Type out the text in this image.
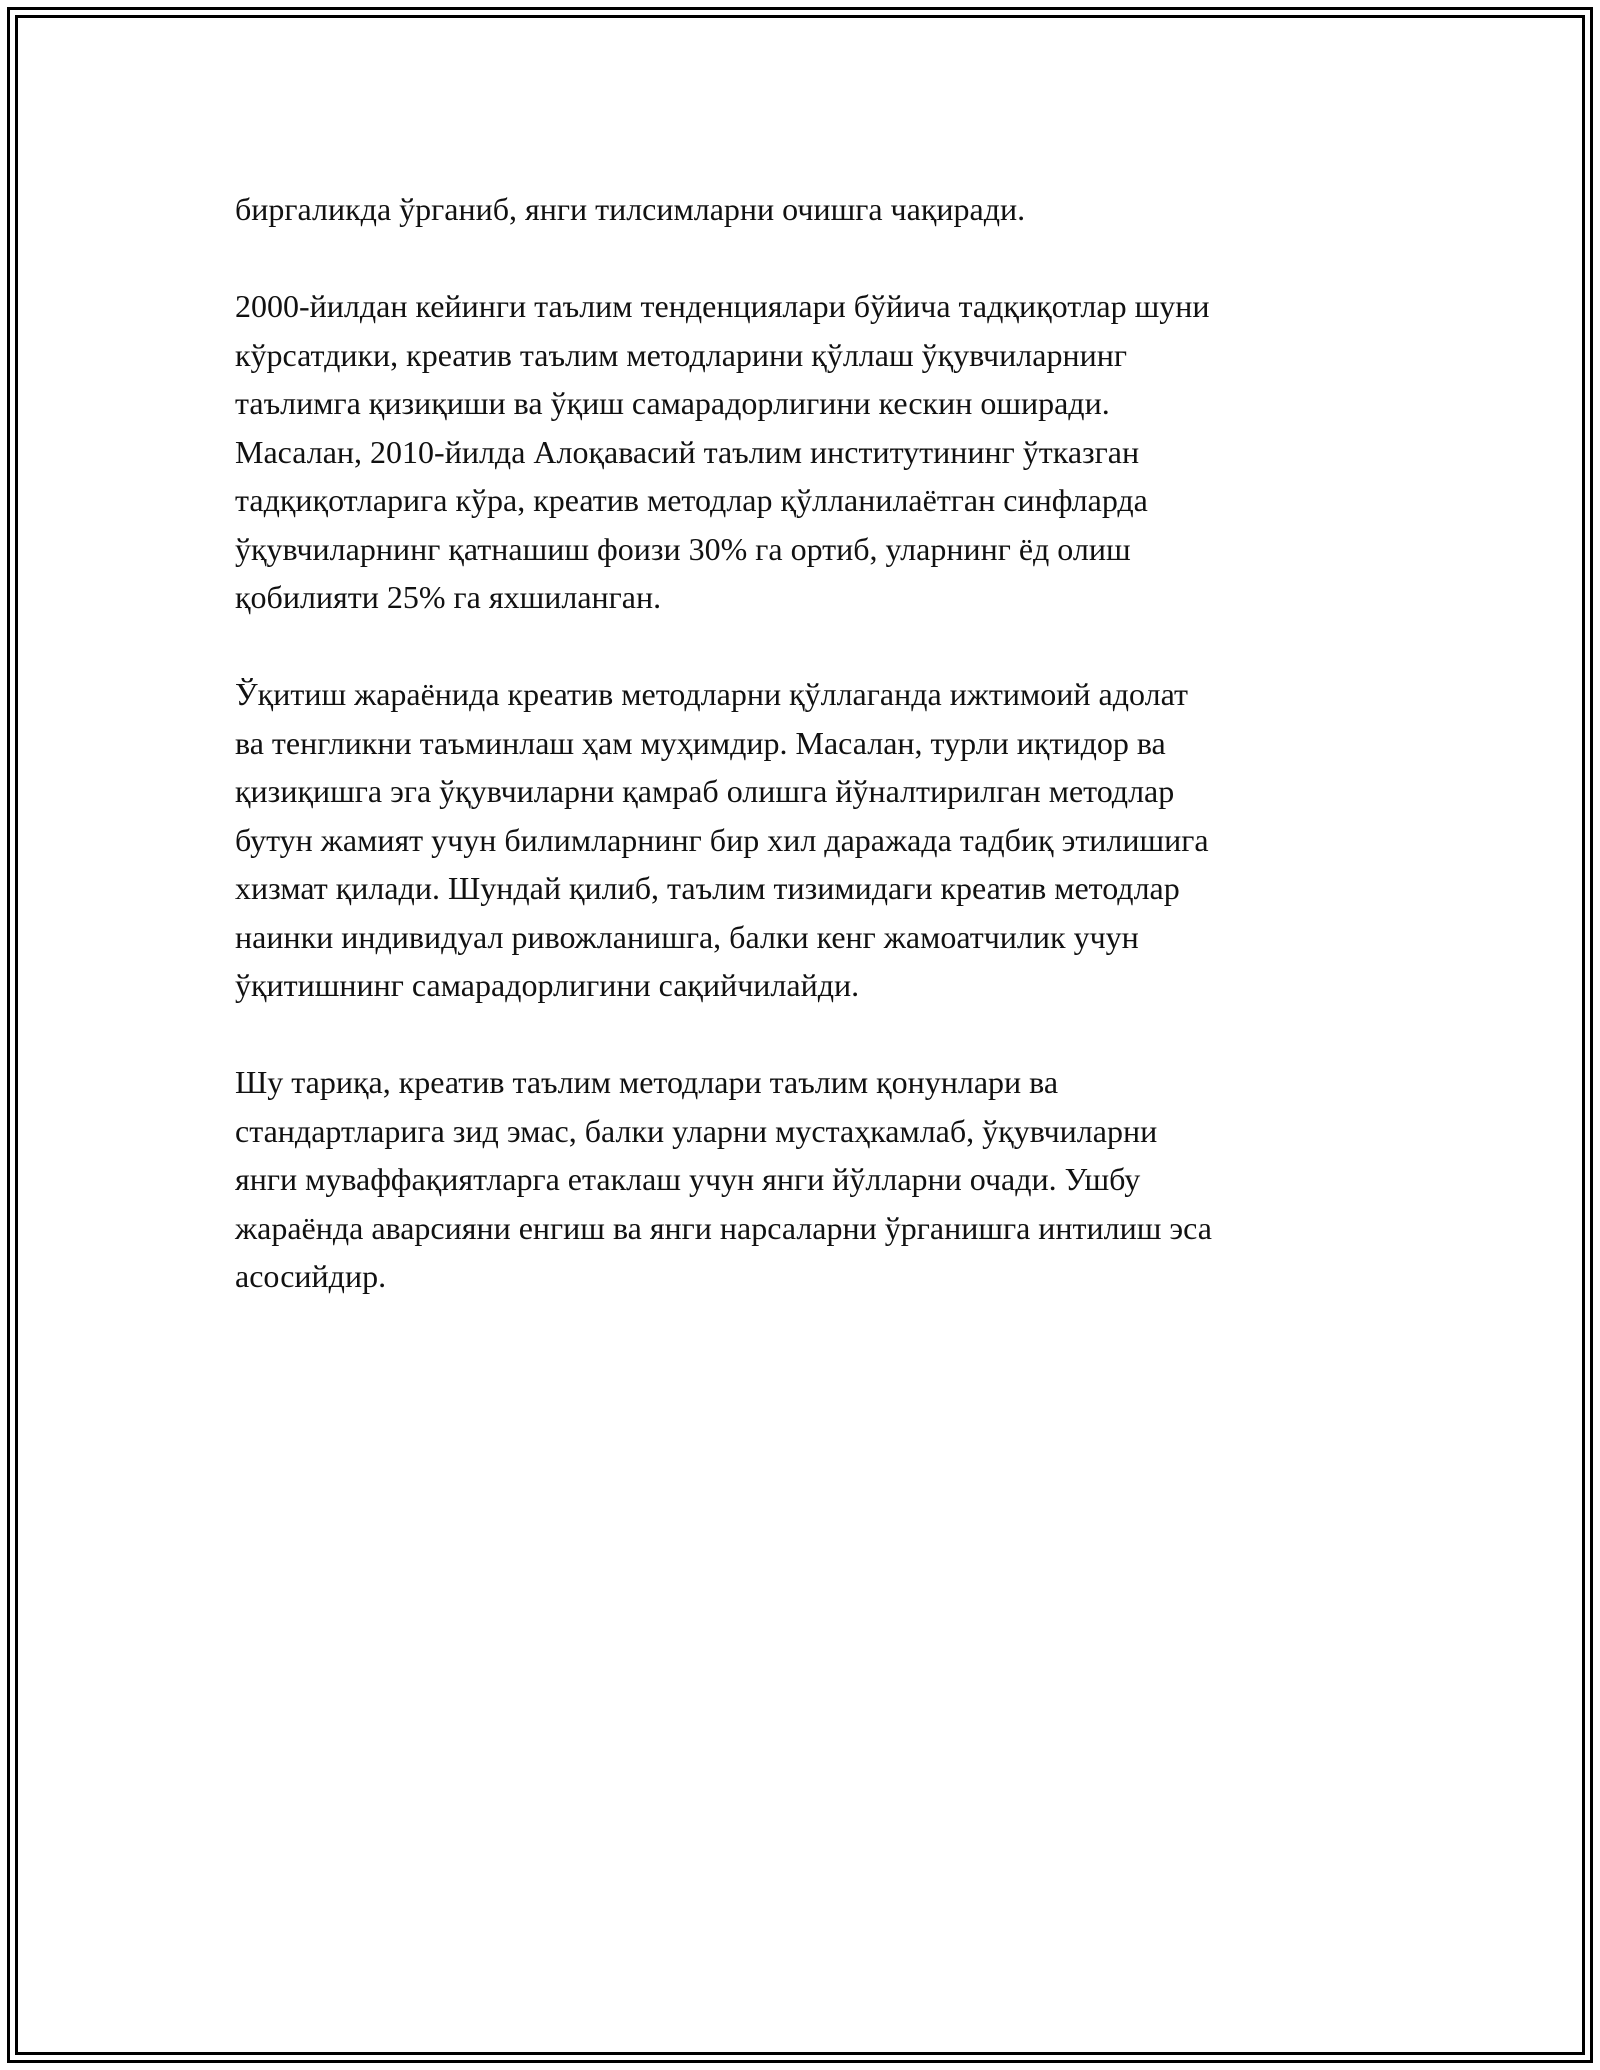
биргаликда ўрганиб, янги тилсимларни очишга чақиради.

2000-йилдан кейинги таълим тенденциялари бўйича тадқиқотлар шуни
кўрсатдики, креатив таълим методларини қўллаш ўқувчиларнинг
таълимга қизиқиши ва ўқиш самарадорлигини кескин оширади.
Масалан, 2010-йилда Алоқавасий таълим институтининг ўтказган
тадқиқотларига кўра, креатив методлар қўлланилаётган синфларда
ўқувчиларнинг қатнашиш фоизи 30% га ортиб, уларнинг ёд олиш
қобилияти 25% га яхшиланган.

Ўқитиш жараёнида креатив методларни қўллаганда ижтимоий адолат
ва тенгликни таъминлаш ҳам муҳимдир. Масалан, турли иқтидор ва
қизиқишга эга ўқувчиларни қамраб олишга йўналтирилган методлар
бутун жамият учун билимларнинг бир хил даражада тадбиқ этилишига
хизмат қилади. Шундай қилиб, таълим тизимидаги креатив методлар
наинки индивидуал ривожланишга, балки кенг жамоатчилик учун
ўқитишнинг самарадорлигини сақийчилайди.

Шу тариқа, креатив таълим методлари таълим қонунлари ва
стандартларига зид эмас, балки уларни мустаҳкамлаб, ўқувчиларни
янги муваффақиятларга етаклаш учун янги йўлларни очади. Ушбу
жараёнда аварсияни енгиш ва янги нарсаларни ўрганишга интилиш эса
асосийдир.
